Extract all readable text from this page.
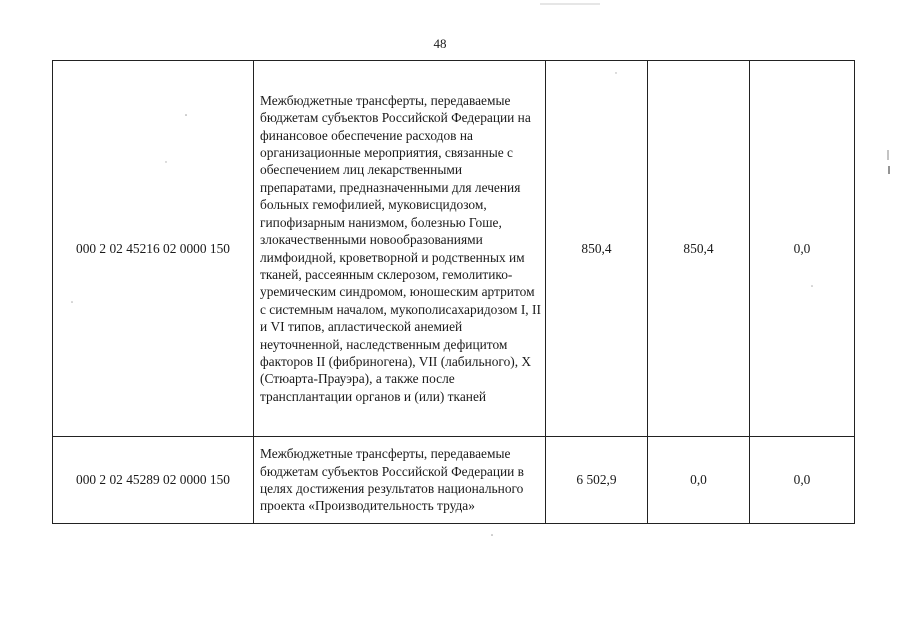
48
000 2 02 45216 02 0000 150	Межбюджетные трансферты, передаваемые бюджетам субъектов Российской Федерации на финансовое обеспечение расходов на организационные мероприятия, связанные с обеспечением лиц лекарственными препаратами, предназначенными для лечения больных гемофилией, муковисцидозом, гипофизарным нанизмом, болезнью Гоше, злокачественными новообразованиями лимфоидной, кроветворной и родственных им тканей, рассеянным склерозом, гемолитико-уремическим синдромом, юношеским артритом с системным началом, мукополисахаридозом I, II и VI типов, апластической анемией неуточненной, наследственным дефицитом факторов II (фибриногена), VII (лабильного), X (Стюарта-Прауэра), а также после трансплантации органов и (или) тканей	850,4	850,4	0,0
000 2 02 45289 02 0000 150	Межбюджетные трансферты, передаваемые бюджетам субъектов Российской Федерации в целях достижения результатов национального проекта «Производительность труда»	6 502,9	0,0	0,0
